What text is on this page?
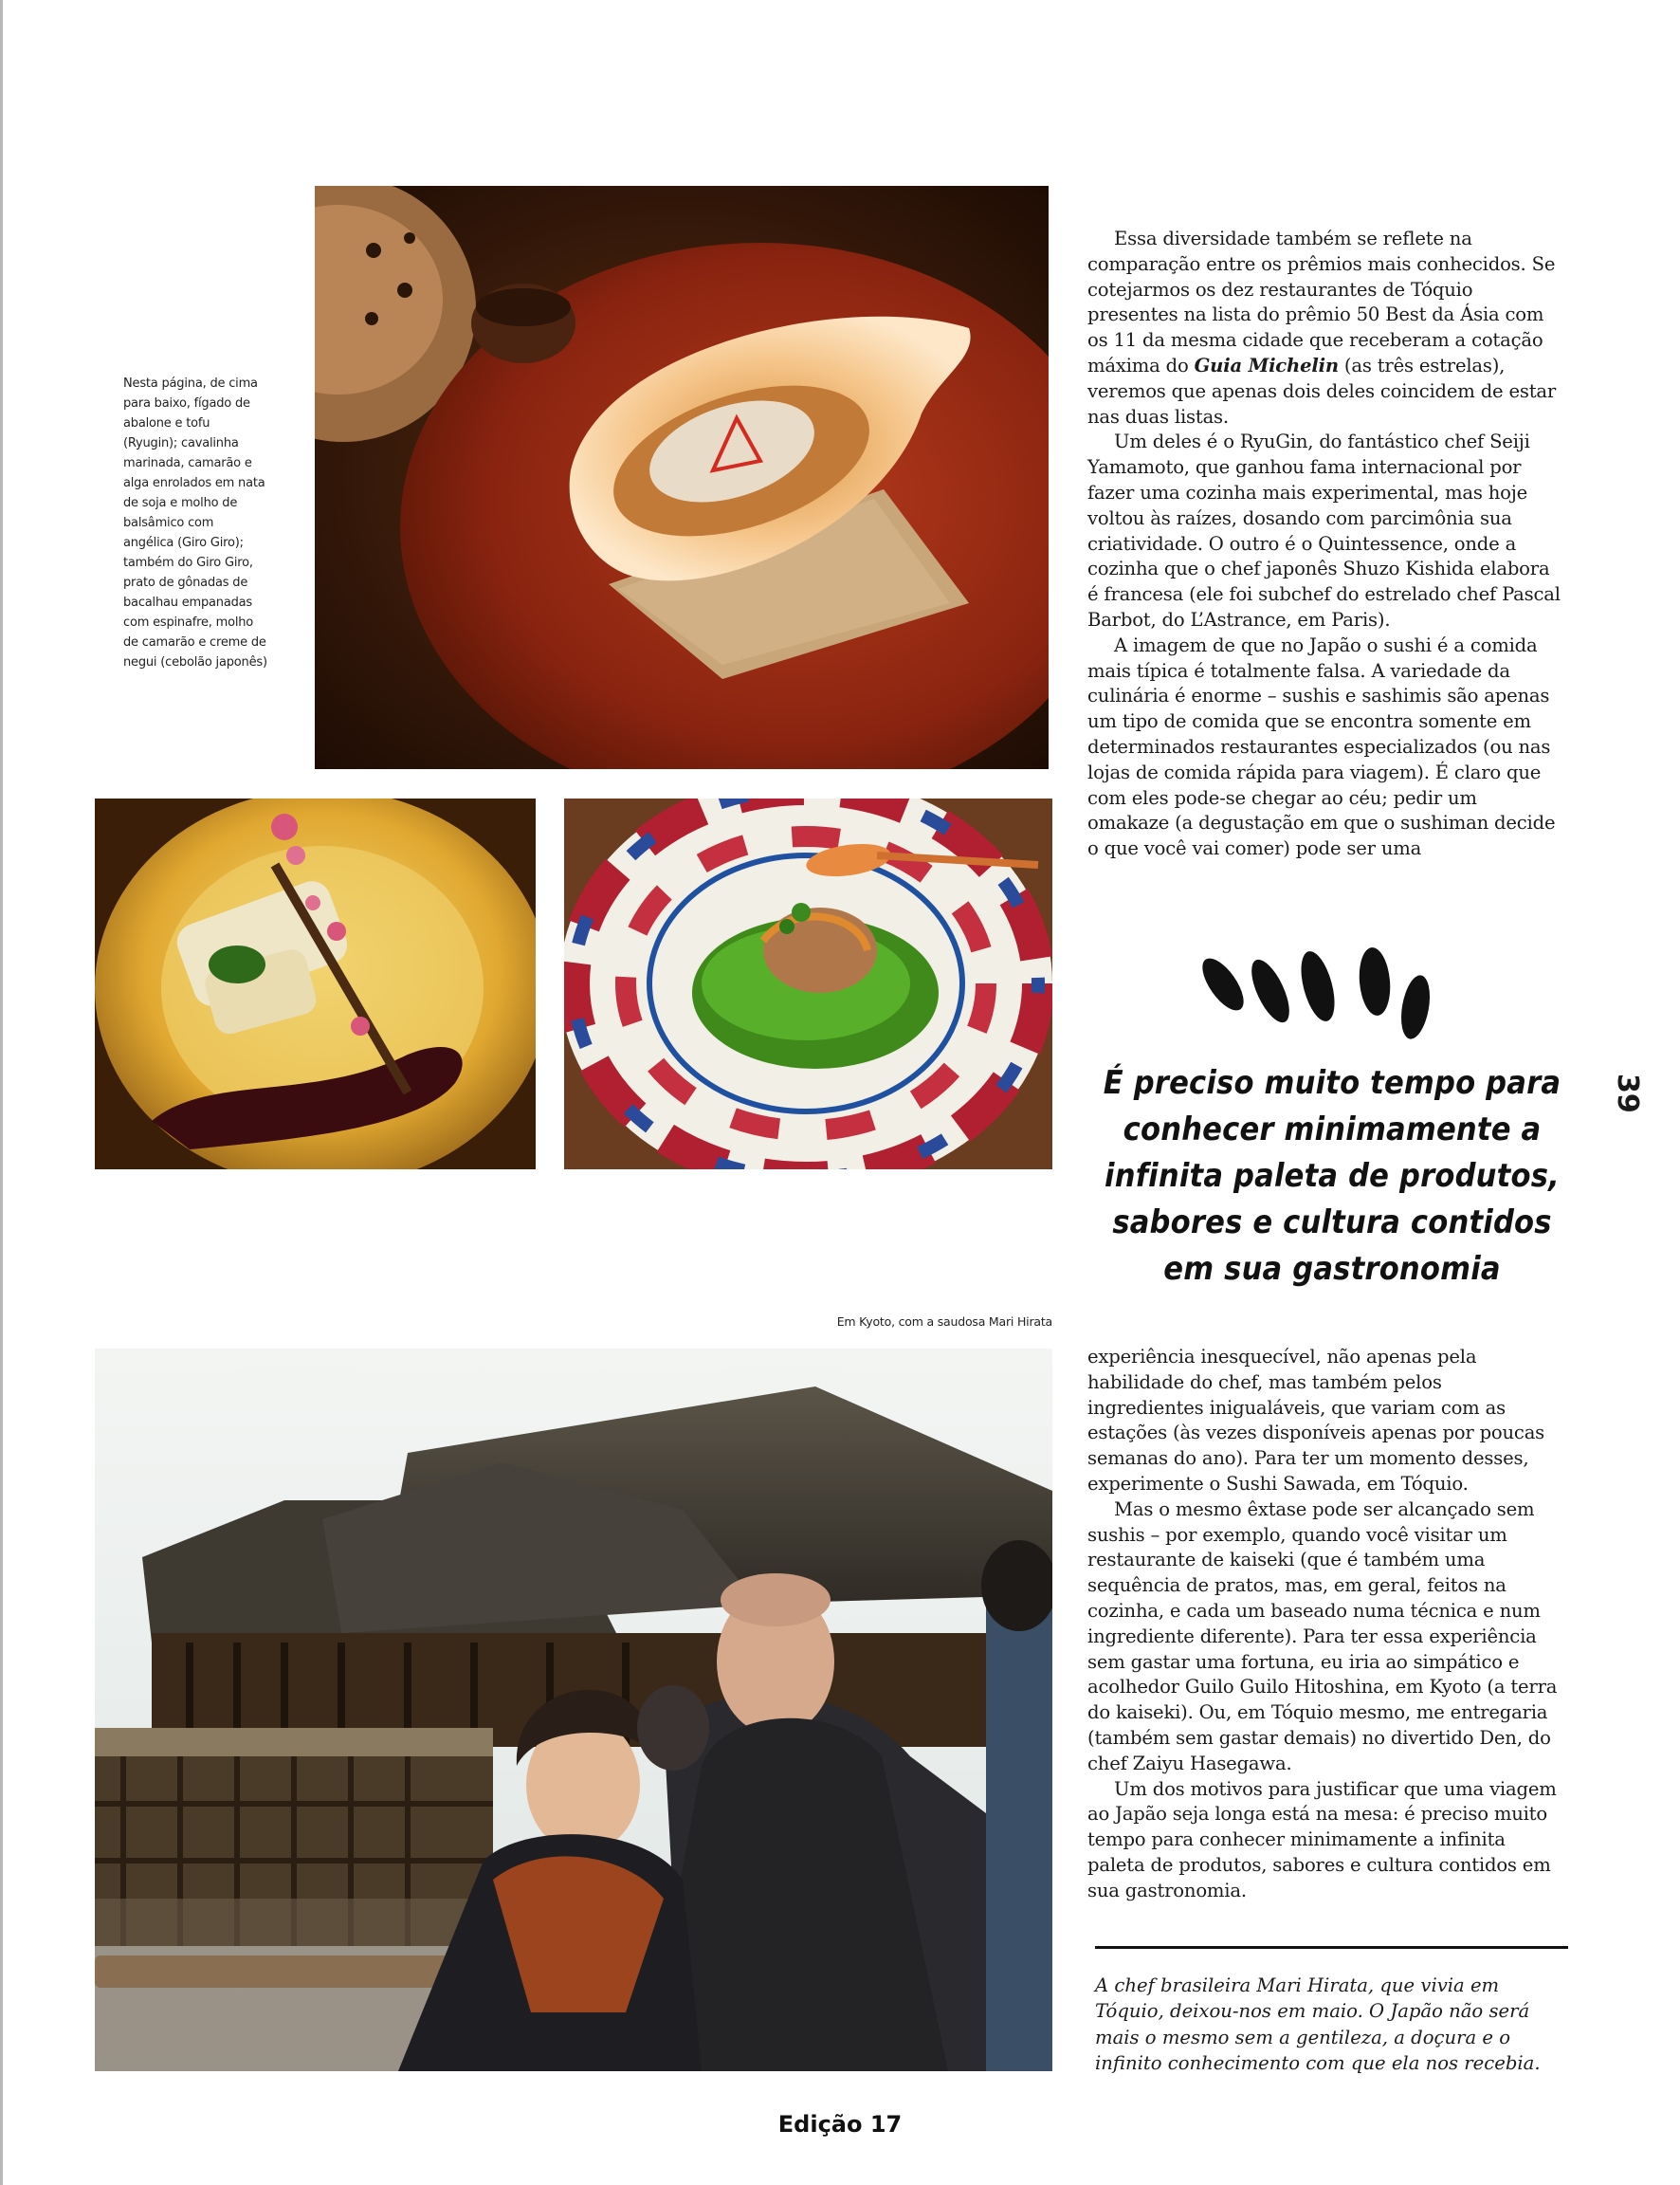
Nesta página, de cima para baixo, fígado de abalone e tofu (Ryugin); cavalinha marinada, camarão e alga enrolados em nata de soja e molho de balsâmico com angélica (Giro Giro); também do Giro Giro, prato de gônadas de bacalhau empanadas com espinafre, molho de camarão e creme de negui (cebolão japonês)
Em Kyoto, com a saudosa Mari Hirata

Essa diversidade também se reflete na comparação entre os prêmios mais conhecidos. Se cotejarmos os dez restaurantes de Tóquio presentes na lista do prêmio 50 Best da Ásia com os 11 da mesma cidade que receberam a cotação máxima do Guia Michelin (as três estrelas), veremos que apenas dois deles coincidem de estar nas duas listas.

Um deles é o RyuGin, do fantástico chef Seiji Yamamoto, que ganhou fama internacional por fazer uma cozinha mais experimental, mas hoje voltou às raízes, dosando com parcimônia sua criatividade. O outro é o Quintessence, onde a cozinha que o chef japonês Shuzo Kishida elabora é francesa (ele foi subchef do estrelado chef Pascal Barbot, do L’Astrance, em Paris).

A imagem de que no Japão o sushi é a comida mais típica é totalmente falsa. A variedade da culinária é enorme – sushis e sashimis são apenas um tipo de comida que se encontra somente em determinados restaurantes especializados (ou nas lojas de comida rápida para viagem). É claro que com eles pode-se chegar ao céu; pedir um omakaze (a degustação em que o sushiman decide o que você vai comer) pode ser uma

É preciso muito tempo para conhecer minimamente a infinita paleta de produtos, sabores e cultura contidos em sua gastronomia
39

experiência inesquecível, não apenas pela habilidade do chef, mas também pelos ingredientes inigualáveis, que variam com as estações (às vezes disponíveis apenas por poucas semanas do ano). Para ter um momento desses, experimente o Sushi Sawada, em Tóquio.

Mas o mesmo êxtase pode ser alcançado sem sushis – por exemplo, quando você visitar um restaurante de kaiseki (que é também uma sequência de pratos, mas, em geral, feitos na cozinha, e cada um baseado numa técnica e num ingrediente diferente). Para ter essa experiência sem gastar uma fortuna, eu iria ao simpático e acolhedor Guilo Guilo Hitoshina, em Kyoto (a terra do kaiseki). Ou, em Tóquio mesmo, me entregaria (também sem gastar demais) no divertido Den, do chef Zaiyu Hasegawa.

Um dos motivos para justificar que uma viagem ao Japão seja longa está na mesa: é preciso muito tempo para conhecer minimamente a infinita paleta de produtos, sabores e cultura contidos em sua gastronomia.

A chef brasileira Mari Hirata, que vivia em Tóquio, deixou-nos em maio. O Japão não será mais o mesmo sem a gentileza, a doçura e o infinito conhecimento com que ela nos recebia.
Edição 17
